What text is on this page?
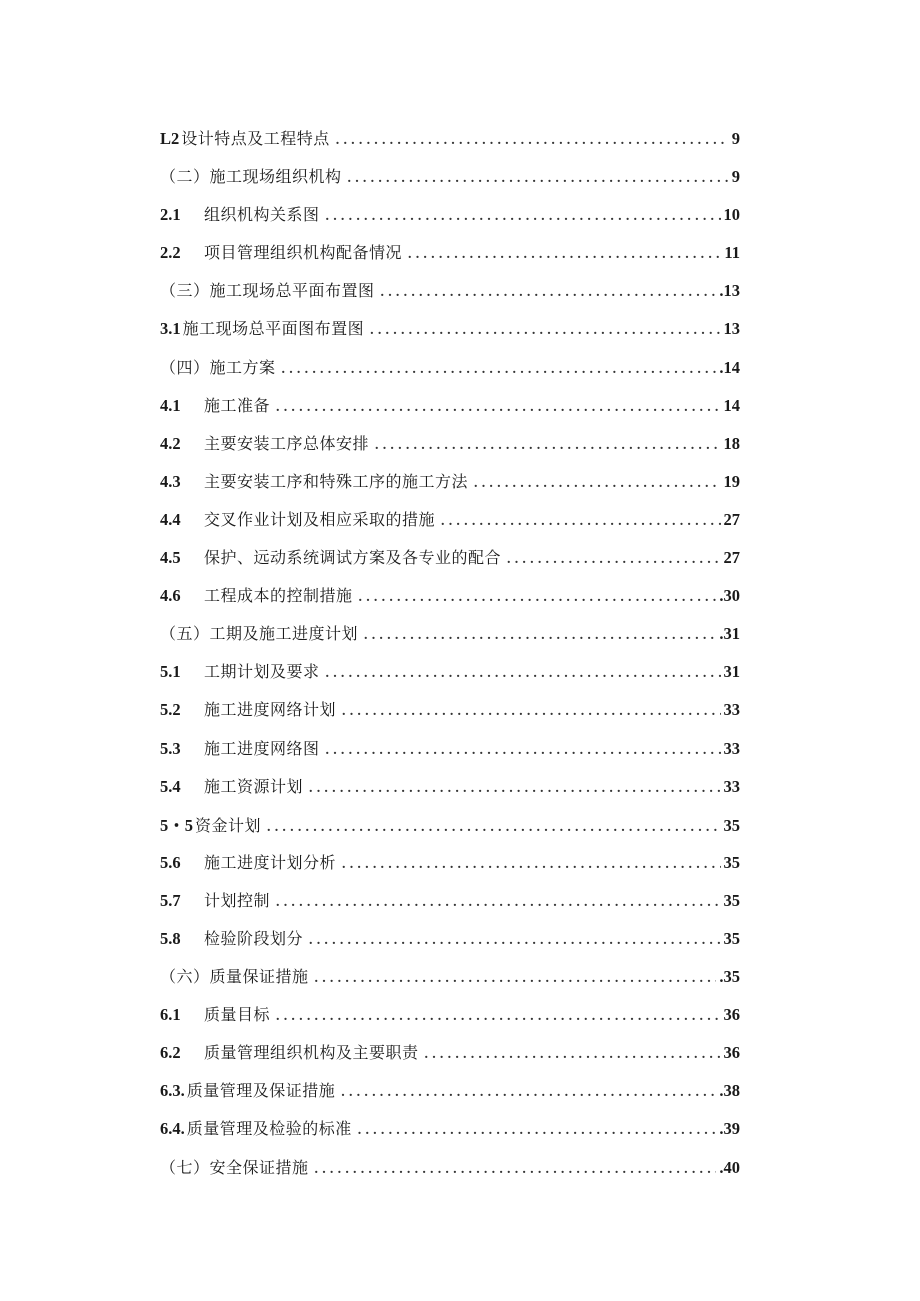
L2 设计特点及工程特点 .....	9
（二）施工现场组织机构 .....	9
2.1	组织机构关系图 .....	10
2.2	项目管理组织机构配备情况 .....	11
（三）施工现场总平面布置图 .....	.13
3.1 施工现场总平面图布置图 .....	13
（四）施工方案 .....	.14
4.1	施工准备 .....	14
4.2	主要安装工序总体安排 .....	18
4.3	主要安装工序和特殊工序的施工方法 .....	19
4.4	交叉作业计划及相应采取的措施 .....	27
4.5	保护、远动系统调试方案及各专业的配合 .....	27
4.6	工程成本的控制措施 .....	.30
（五）工期及施工进度计划 .....	.31
5.1	工期计划及要求 .....	31
5.2	施工进度网络计划 .....	33
5.3	施工进度网络图 .....	33
5.4	施工资源计划 .....	33
5・5 资金计划 .....	35
5.6	施工进度计划分析 .....	35
5.7	计划控制 .....	35
5.8	检验阶段划分 .....	35
（六）质量保证措施 .....	.35
6.1	质量目标 .....	36
6.2	质量管理组织机构及主要职责 .....	36
6.3. 质量管理及保证措施 .....	.38
6.4. 质量管理及检验的标准 .....	.39
（七）安全保证措施 .....	.40
